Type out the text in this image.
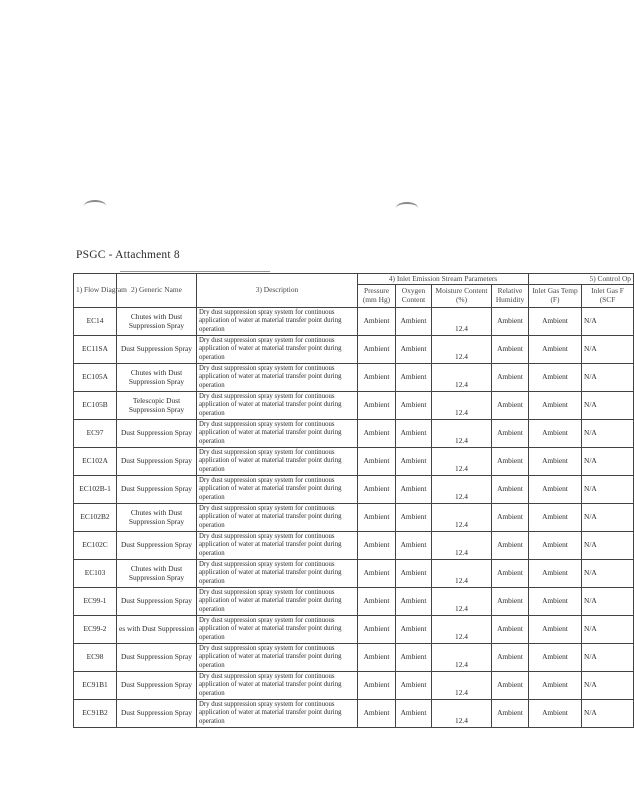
PSGC - Attachment 8
1) Flow Diagram	2) Generic Name	3) Description	4) Inlet Emission Stream Parameters				5) Control Op	
			Pressure (mm Hg)	Oxygen Content	Moisture Content (%)	Relative Humidity	Inlet Gas Temp (F)	Inlet Gas F (SCF
EC14	Chutes with Dust Suppression Spray	Dry dust suppression spray system for continuous application of water at material transfer point during operation	Ambient	Ambient	12.4	Ambient	Ambient	N/A
EC11SA	Dust Suppression Spray	Dry dust suppression spray system for continuous application of water at material transfer point during operation	Ambient	Ambient	12.4	Ambient	Ambient	N/A
EC105A	Chutes with Dust Suppression Spray	Dry dust suppression spray system for continuous application of water at material transfer point during operation	Ambient	Ambient	12.4	Ambient	Ambient	N/A
EC105B	Telescopic Dust Suppression Spray	Dry dust suppression spray system for continuous application of water at material transfer point during operation	Ambient	Ambient	12.4	Ambient	Ambient	N/A
EC97	Dust Suppression Spray	Dry dust suppression spray system for continuous application of water at material transfer point during operation	Ambient	Ambient	12.4	Ambient	Ambient	N/A
EC102A	Dust Suppression Spray	Dry dust suppression spray system for continuous application of water at material transfer point during operation	Ambient	Ambient	12.4	Ambient	Ambient	N/A
EC102B-1	Dust Suppression Spray	Dry dust suppression spray system for continuous application of water at material transfer point during operation	Ambient	Ambient	12.4	Ambient	Ambient	N/A
EC102B2	Chutes with Dust Suppression Spray	Dry dust suppression spray system for continuous application of water at material transfer point during operation	Ambient	Ambient	12.4	Ambient	Ambient	N/A
EC102C	Dust Suppression Spray	Dry dust suppression spray system for continuous application of water at material transfer point during operation	Ambient	Ambient	12.4	Ambient	Ambient	N/A
EC103	Chutes with Dust Suppression Spray	Dry dust suppression spray system for continuous application of water at material transfer point during operation	Ambient	Ambient	12.4	Ambient	Ambient	N/A
EC99-1	Dust Suppression Spray	Dry dust suppression spray system for continuous application of water at material transfer point during operation	Ambient	Ambient	12.4	Ambient	Ambient	N/A
EC99-2	es with Dust Suppression	Dry dust suppression spray system for continuous application of water at material transfer point during operation	Ambient	Ambient	12.4	Ambient	Ambient	N/A
EC98	Dust Suppression Spray	Dry dust suppression spray system for continuous application of water at material transfer point during operation	Ambient	Ambient	12.4	Ambient	Ambient	N/A
EC91B1	Dust Suppression Spray	Dry dust suppression spray system for continuous application of water at material transfer point during operation	Ambient	Ambient	12.4	Ambient	Ambient	N/A
EC91B2	Dust Suppression Spray	Dry dust suppression spray system for continuous application of water at material transfer point during operation	Ambient	Ambient	12.4	Ambient	Ambient	N/A
